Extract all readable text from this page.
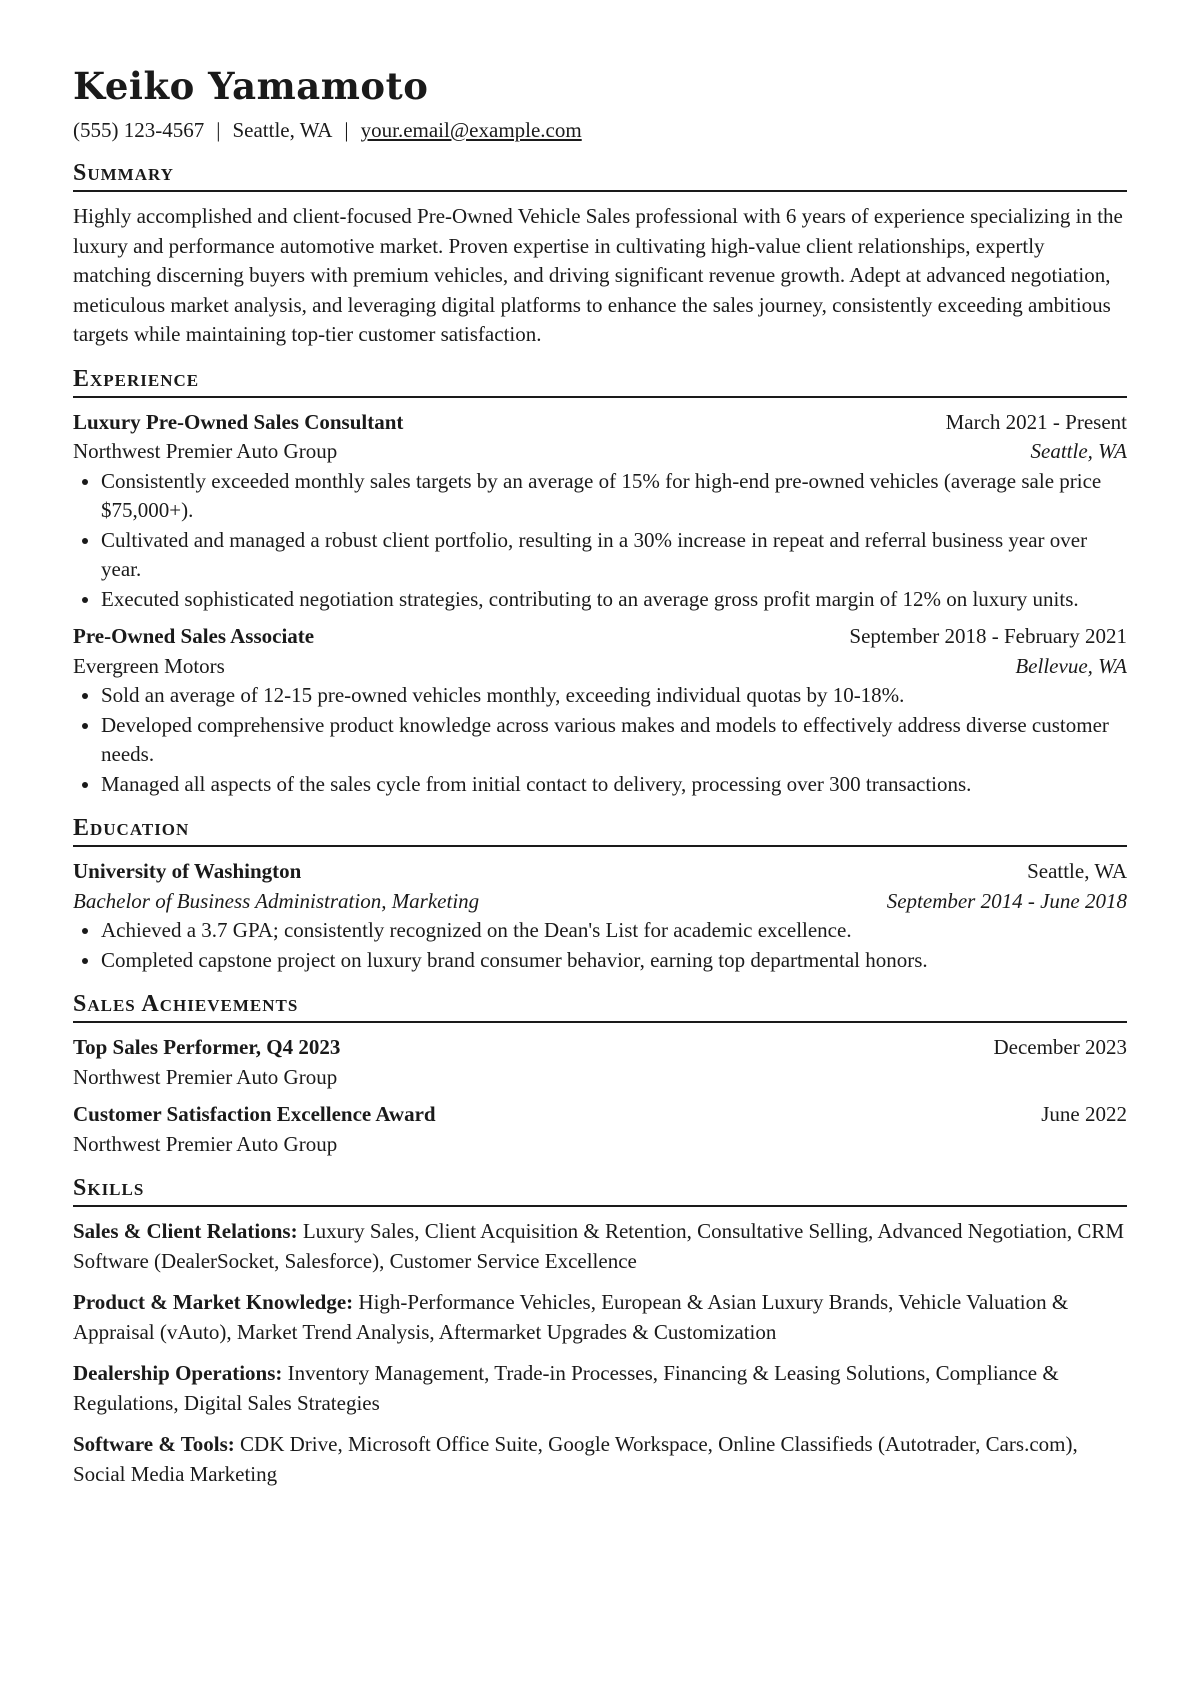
Keiko Yamamoto
(555) 123-4567 | Seattle, WA | your.email@example.com
Summary
Highly accomplished and client-focused Pre-Owned Vehicle Sales professional with 6 years of experience specializing in the luxury and performance automotive market. Proven expertise in cultivating high-value client relationships, expertly matching discerning buyers with premium vehicles, and driving significant revenue growth. Adept at advanced negotiation, meticulous market analysis, and leveraging digital platforms to enhance the sales journey, consistently exceeding ambitious targets while maintaining top-tier customer satisfaction.
Experience
Luxury Pre-Owned Sales Consultant	March 2021 - Present
Northwest Premier Auto Group	Seattle, WA
• Consistently exceeded monthly sales targets by an average of 15% for high-end pre-owned vehicles (average sale price $75,000+).
• Cultivated and managed a robust client portfolio, resulting in a 30% increase in repeat and referral business year over year.
• Executed sophisticated negotiation strategies, contributing to an average gross profit margin of 12% on luxury units.
Pre-Owned Sales Associate	September 2018 - February 2021
Evergreen Motors	Bellevue, WA
• Sold an average of 12-15 pre-owned vehicles monthly, exceeding individual quotas by 10-18%.
• Developed comprehensive product knowledge across various makes and models to effectively address diverse customer needs.
• Managed all aspects of the sales cycle from initial contact to delivery, processing over 300 transactions.
Education
University of Washington	Seattle, WA
Bachelor of Business Administration, Marketing	September 2014 - June 2018
• Achieved a 3.7 GPA; consistently recognized on the Dean's List for academic excellence.
• Completed capstone project on luxury brand consumer behavior, earning top departmental honors.
Sales Achievements
Top Sales Performer, Q4 2023	December 2023
Northwest Premier Auto Group
Customer Satisfaction Excellence Award	June 2022
Northwest Premier Auto Group
Skills
Sales & Client Relations: Luxury Sales, Client Acquisition & Retention, Consultative Selling, Advanced Negotiation, CRM Software (DealerSocket, Salesforce), Customer Service Excellence
Product & Market Knowledge: High-Performance Vehicles, European & Asian Luxury Brands, Vehicle Valuation & Appraisal (vAuto), Market Trend Analysis, Aftermarket Upgrades & Customization
Dealership Operations: Inventory Management, Trade-in Processes, Financing & Leasing Solutions, Compliance & Regulations, Digital Sales Strategies
Software & Tools: CDK Drive, Microsoft Office Suite, Google Workspace, Online Classifieds (Autotrader, Cars.com), Social Media Marketing
